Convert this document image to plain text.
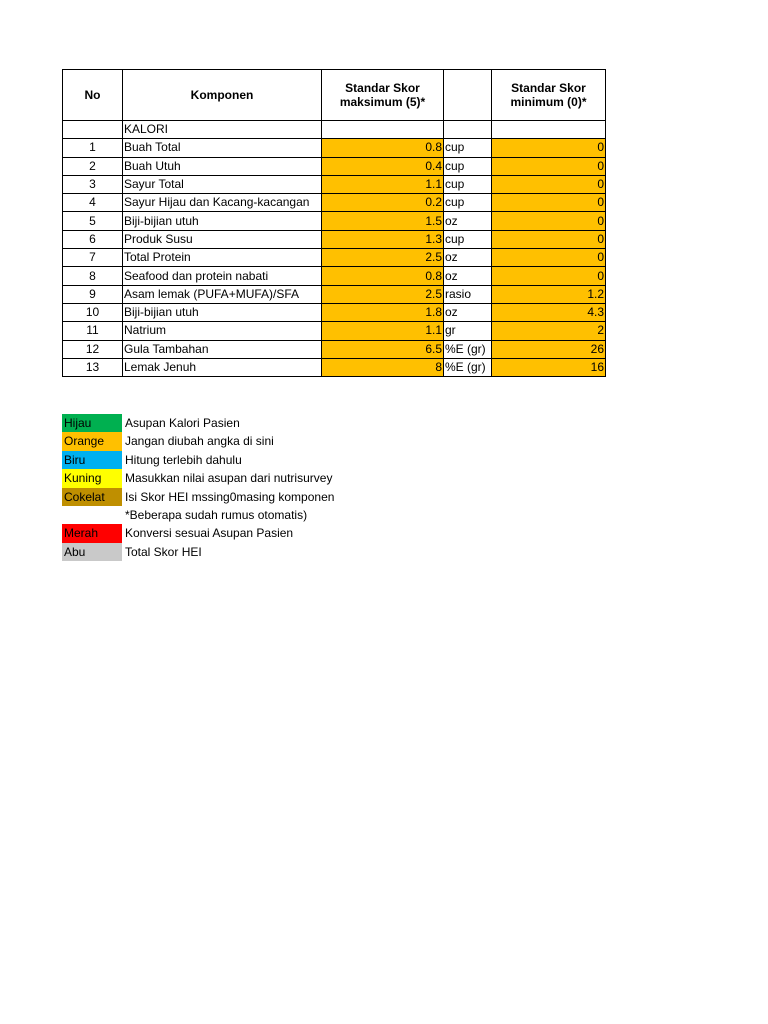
No	Komponen	Standar Skor maksimum (5)*		Standar Skor minimum (0)*
	KALORI			
1	Buah Total	0.8	cup	0
2	Buah Utuh	0.4	cup	0
3	Sayur Total	1.1	cup	0
4	Sayur Hijau dan Kacang-kacangan	0.2	cup	0
5	Biji-bijian utuh	1.5	oz	0
6	Produk Susu	1.3	cup	0
7	Total Protein	2.5	oz	0
8	Seafood dan protein nabati	0.8	oz	0
9	Asam lemak (PUFA+MUFA)/SFA	2.5	rasio	1.2
10	Biji-bijian utuh	1.8	oz	4.3
11	Natrium	1.1	gr	2
12	Gula Tambahan	6.5	%E (gr)	26
13	Lemak Jenuh	8	%E (gr)	16
Hijau	Asupan Kalori Pasien
Orange	Jangan diubah angka di sini
Biru	Hitung terlebih dahulu
Kuning	Masukkan nilai asupan dari nutrisurvey
Cokelat	Isi Skor HEI mssing0masing komponen
*Beberapa sudah rumus otomatis)
Merah	Konversi sesuai Asupan Pasien
Abu	Total Skor HEI
